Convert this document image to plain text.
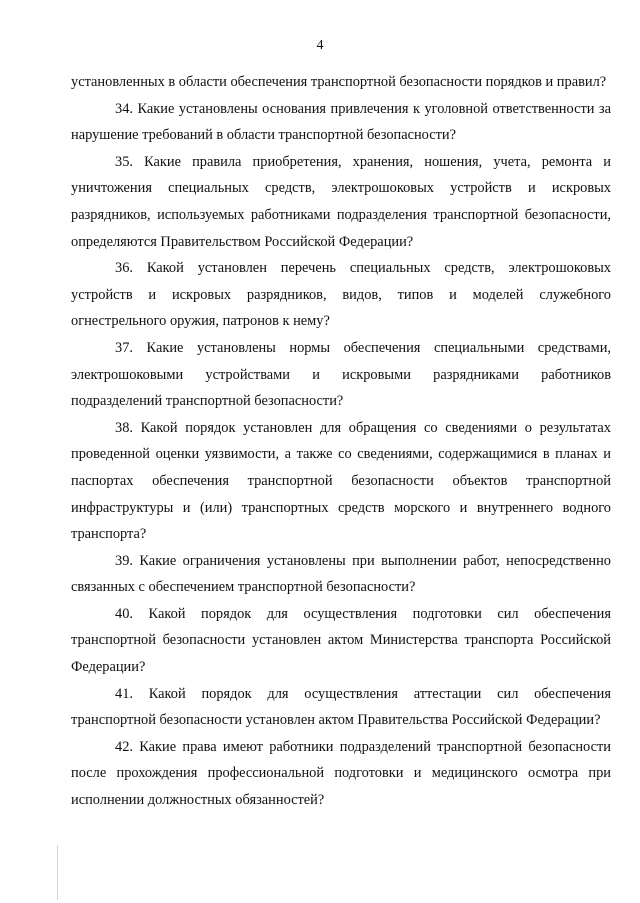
4

установленных в области обеспечения транспортной безопасности порядков и правил?

34. Какие установлены основания привлечения к уголовной ответственности за нарушение требований в области транспортной безопасности?

35. Какие правила приобретения, хранения, ношения, учета, ремонта и уничтожения специальных средств, электрошоковых устройств и искровых разрядников, используемых работниками подразделения транспортной безопасности, определяются Правительством Российской Федерации?

36. Какой установлен перечень специальных средств, электрошоковых устройств и искровых разрядников, видов, типов и моделей служебного огнестрельного оружия, патронов к нему?

37. Какие установлены нормы обеспечения специальными средствами, электрошоковыми устройствами и искровыми разрядниками работников подразделений транспортной безопасности?

38. Какой порядок установлен для обращения со сведениями о результатах проведенной оценки уязвимости, а также со сведениями, содержащимися в планах и паспортах обеспечения транспортной безопасности объектов транспортной инфраструктуры и (или) транспортных средств морского и внутреннего водного транспорта?

39. Какие ограничения установлены при выполнении работ, непосредственно связанных с обеспечением транспортной безопасности?

40. Какой порядок для осуществления подготовки сил обеспечения транспортной безопасности установлен актом Министерства транспорта Российской Федерации?

41. Какой порядок для осуществления аттестации сил обеспечения транспортной безопасности установлен актом Правительства Российской Федерации?

42. Какие права имеют работники подразделений транспортной безопасности после прохождения профессиональной подготовки и медицинского осмотра при исполнении должностных обязанностей?
